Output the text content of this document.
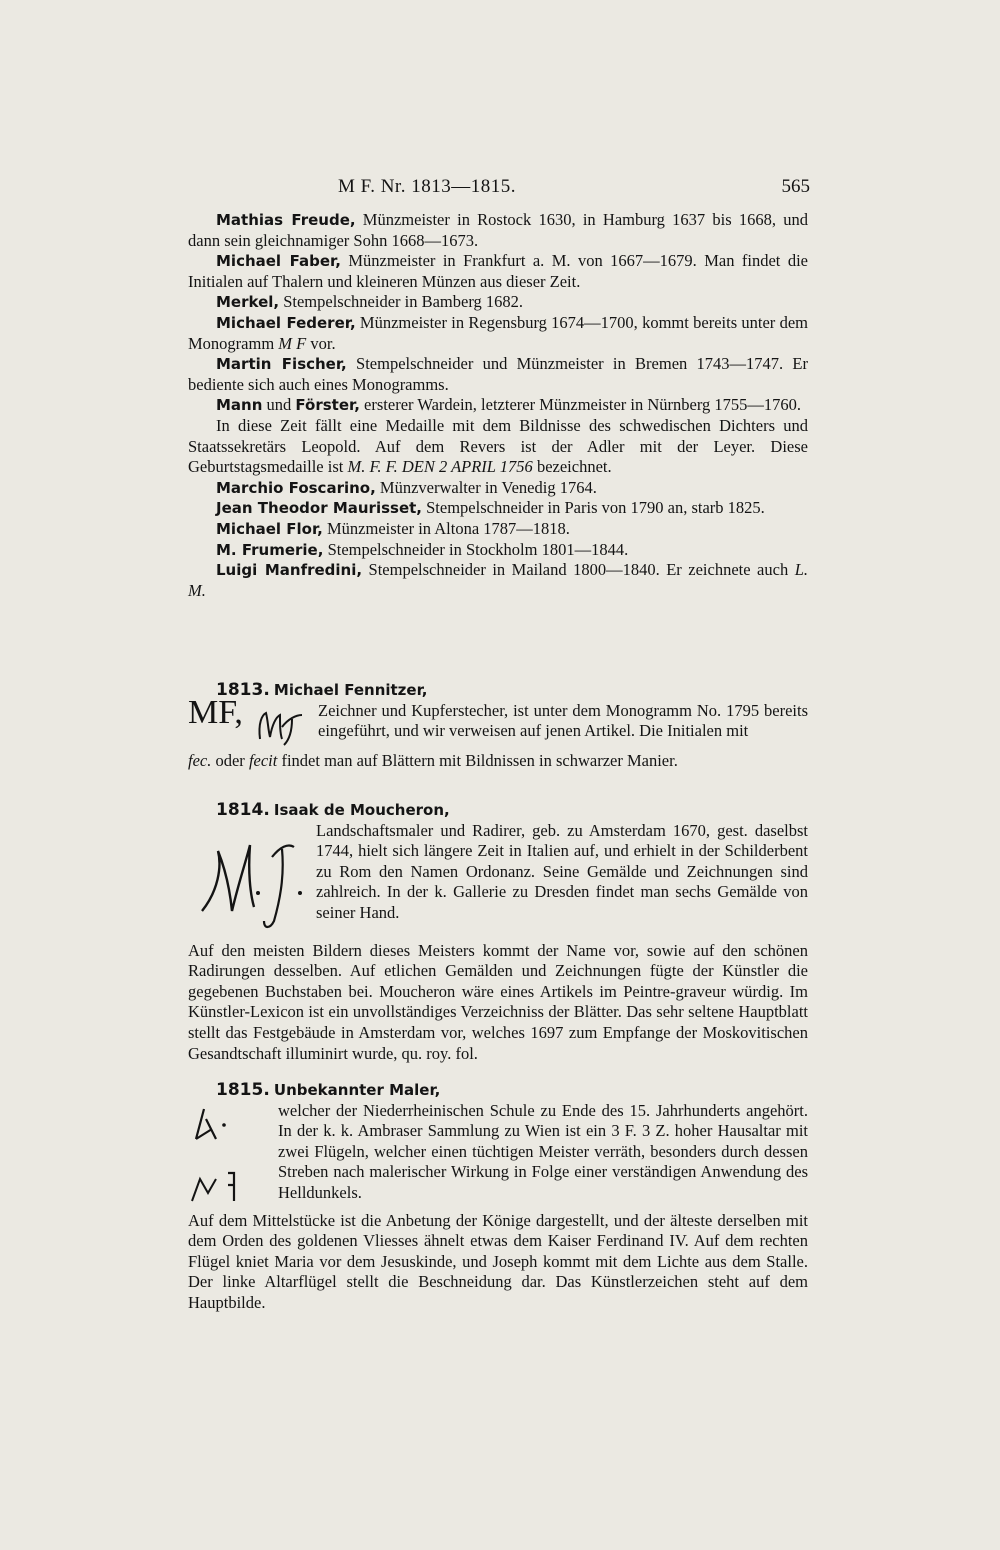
M F. Nr. 1813—1815.	565

Mathias Freude, Münzmeister in Rostock 1630, in Hamburg 1637 bis 1668, und dann sein gleichnamiger Sohn 1668—1673.

Michael Faber, Münzmeister in Frankfurt a. M. von 1667—1679. Man findet die Initialen auf Thalern und kleineren Münzen aus dieser Zeit.

Merkel, Stempelschneider in Bamberg 1682.

Michael Federer, Münzmeister in Regensburg 1674—1700, kommt bereits unter dem Monogramm M F vor.

Martin Fischer, Stempelschneider und Münzmeister in Bremen 1743—1747. Er bediente sich auch eines Monogramms.

Mann und Förster, ersterer Wardein, letzterer Münzmeister in Nürnberg 1755—1760.

In diese Zeit fällt eine Medaille mit dem Bildnisse des schwedischen Dichters und Staatssekretärs Leopold. Auf dem Revers ist der Adler mit der Leyer. Diese Geburtstagsmedaille ist M. F. F. DEN 2 APRIL 1756 bezeichnet.

Marchio Foscarino, Münzverwalter in Venedig 1764.

Jean Theodor Maurisset, Stempelschneider in Paris von 1790 an, starb 1825.

Michael Flor, Münzmeister in Altona 1787—1818.

M. Frumerie, Stempelschneider in Stockholm 1801—1844.

Luigi Manfredini, Stempelschneider in Mailand 1800—1840. Er zeichnete auch L. M.

1813. Michael Fennitzer,
MF,	Zeichner und Kupferstecher, ist unter dem Monogramm No. 1795 bereits eingeführt, und wir verweisen auf jenen Artikel. Die Initialen mit
fec. oder fecit findet man auf Blättern mit Bildnissen in schwarzer Manier.
1814. Isaak de Moucheron,
Landschaftsmaler und Radirer, geb. zu Amsterdam 1670, gest. daselbst 1744, hielt sich längere Zeit in Italien auf, und erhielt in der Schilderbent zu Rom den Namen Ordonanz. Seine Gemälde und Zeichnungen sind zahlreich. In der k. Gallerie zu Dresden findet man sechs Gemälde von seiner Hand.
Auf den meisten Bildern dieses Meisters kommt der Name vor, sowie auf den schönen Radirungen desselben. Auf etlichen Gemälden und Zeichnungen fügte der Künstler die gegebenen Buchstaben bei. Moucheron wäre eines Artikels im Peintre-graveur würdig. Im Künstler-Lexicon ist ein unvollständiges Verzeichniss der Blätter. Das sehr seltene Hauptblatt stellt das Festgebäude in Amsterdam vor, welches 1697 zum Empfange der Moskovitischen Gesandtschaft illuminirt wurde, qu. roy. fol.
1815. Unbekannter Maler,
welcher der Niederrheinischen Schule zu Ende des 15. Jahrhunderts angehört. In der k. k. Ambraser Sammlung zu Wien ist ein 3 F. 3 Z. hoher Hausaltar mit zwei Flügeln, welcher einen tüchtigen Meister verräth, besonders durch dessen Streben nach malerischer Wirkung in Folge einer verständigen Anwendung des Helldunkels.
Auf dem Mittelstücke ist die Anbetung der Könige dargestellt, und der älteste derselben mit dem Orden des goldenen Vliesses ähnelt etwas dem Kaiser Ferdinand IV. Auf dem rechten Flügel kniet Maria vor dem Jesuskinde, und Joseph kommt mit dem Lichte aus dem Stalle. Der linke Altarflügel stellt die Beschneidung dar. Das Künstlerzeichen steht auf dem Hauptbilde.
